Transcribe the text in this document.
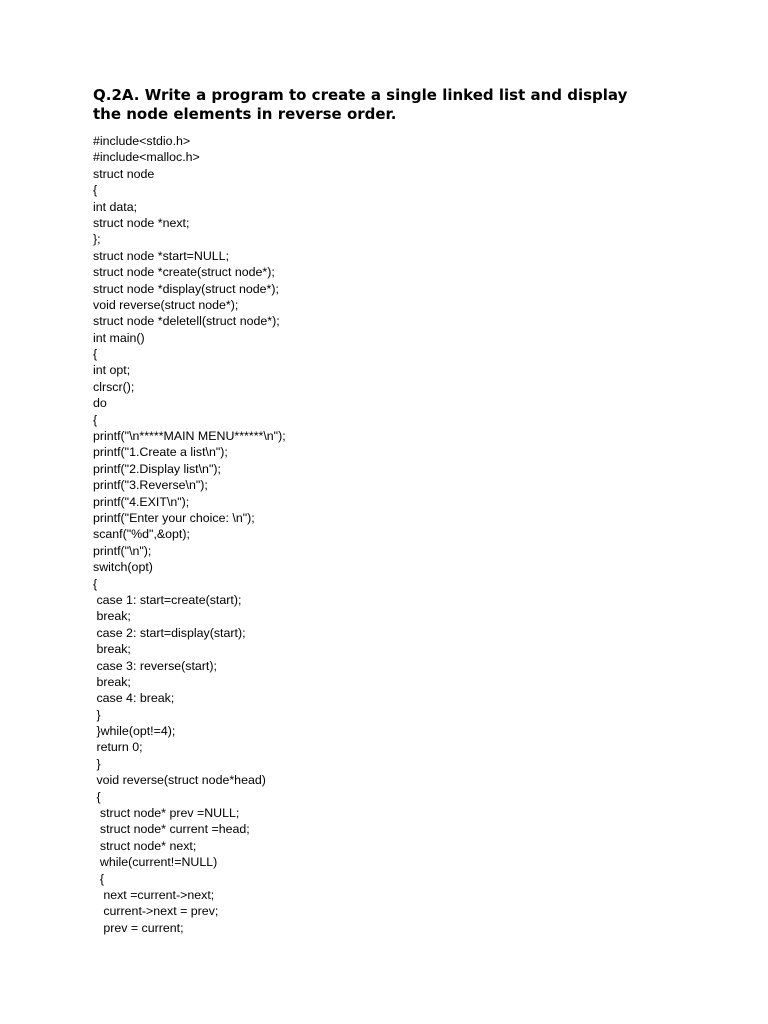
Q.2A. Write a program to create a single linked list and display
the node elements in reverse order.
#include<stdio.h>
#include<malloc.h>
struct node
{
int data;
struct node *next;
};
struct node *start=NULL;
struct node *create(struct node*);
struct node *display(struct node*);
void reverse(struct node*);
struct node *deletell(struct node*);
int main()
{
int opt;
clrscr();
do
{
printf("\n*****MAIN MENU******\n");
printf("1.Create a list\n");
printf("2.Display list\n");
printf("3.Reverse\n");
printf("4.EXIT\n");
printf("Enter your choice: \n");
scanf("%d",&opt);
printf("\n");
switch(opt)
{
case 1: start=create(start);
break;
case 2: start=display(start);
break;
case 3: reverse(start);
break;
case 4: break;
}
}while(opt!=4);
return 0;
}
void reverse(struct node*head)
{
struct node* prev =NULL;
struct node* current =head;
struct node* next;
while(current!=NULL)
{
next =current->next;
current->next = prev;
prev = current;
